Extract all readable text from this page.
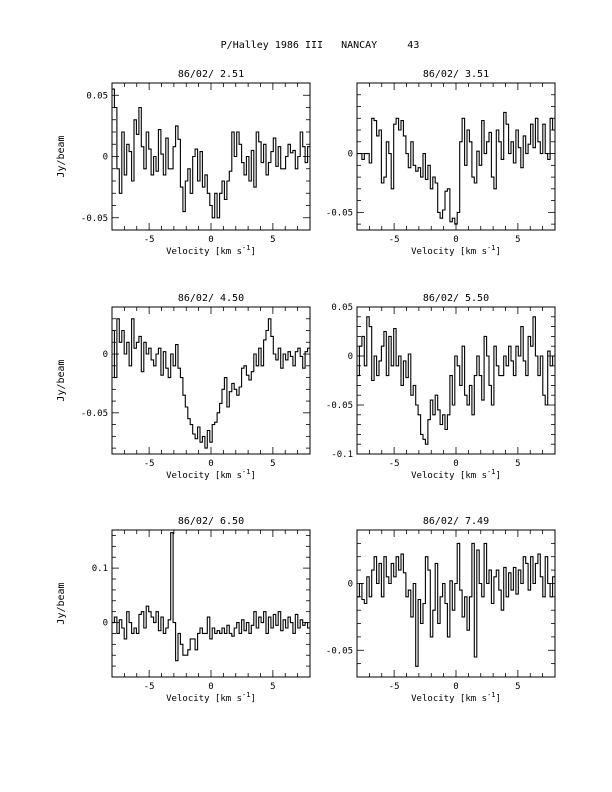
P/Halley 1986 III   NANCAY     43
-5	0	5
0.05
0
-0.05
86/02/ 2.51
Velocity [km $s^{-1}$]
Jy/beam
-5	0	5
0
-0.05
86/02/ 3.51
Velocity [km $s^{-1}$]
-5	0	5
0
-0.05
86/02/ 4.50
Velocity [km $s^{-1}$]
Jy/beam
-5	0	5
0.05
0
-0.05
-0.1
86/02/ 5.50
Velocity [km $s^{-1}$]
-5	0	5
0.1
0
86/02/ 6.50
Velocity [km $s^{-1}$]
Jy/beam
-5	0	5
0
-0.05
86/02/ 7.49
Velocity [km $s^{-1}$]
